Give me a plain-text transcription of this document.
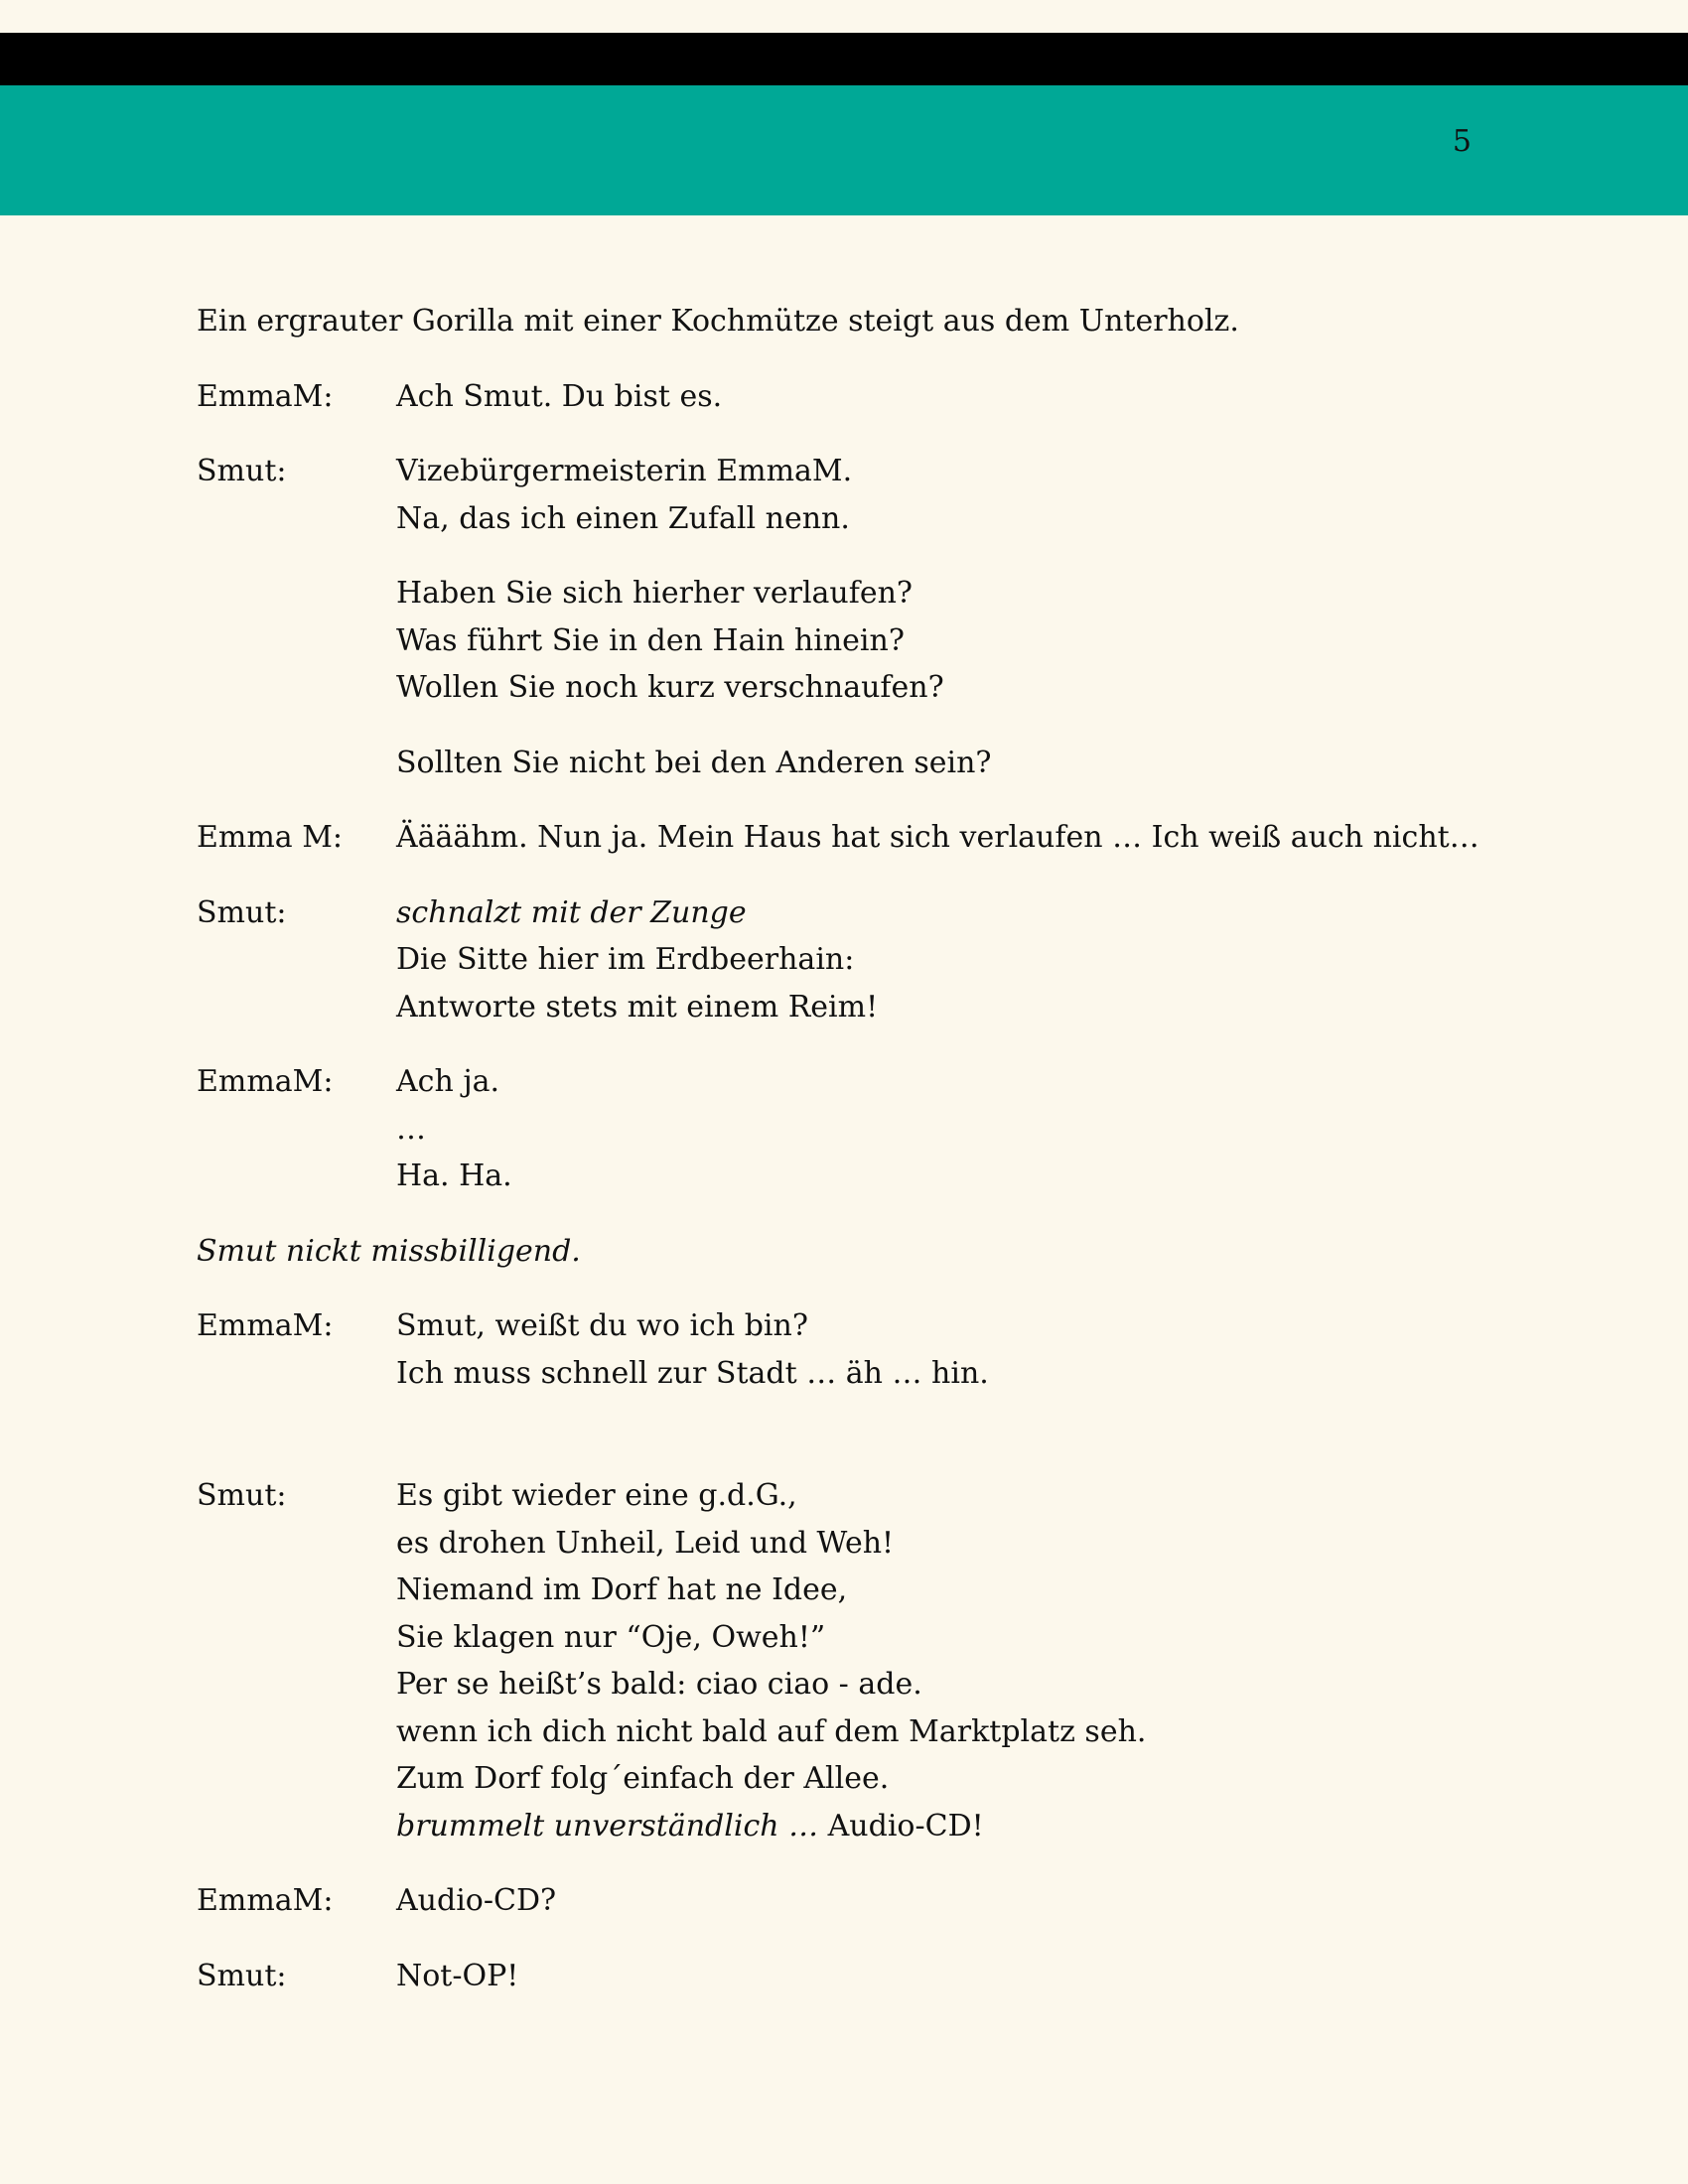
5

Ein ergrauter Gorilla mit einer Kochmütze steigt aus dem Unterholz.

EmmaM:	Ach Smut. Du bist es.
Smut:	Vizebürgermeisterin EmmaM.
Na, das ich einen Zufall nenn.
Haben Sie sich hierher verlaufen?
Was führt Sie in den Hain hinein?
Wollen Sie noch kurz verschnaufen?
Sollten Sie nicht bei den Anderen sein?
Emma M:	Äääähm. Nun ja. Mein Haus hat sich verlaufen … Ich weiß auch nicht…
Smut:	schnalzt mit der Zunge
Die Sitte hier im Erdbeerhain:
Antworte stets mit einem Reim!
EmmaM:	Ach ja.
…
Ha. Ha.

Smut nickt missbilligend.

EmmaM:	Smut, weißt du wo ich bin?
Ich muss schnell zur Stadt … äh … hin.
Smut:	Es gibt wieder eine g.d.G.,
es drohen Unheil, Leid und Weh!
Niemand im Dorf hat ne Idee,
Sie klagen nur “Oje, Oweh!”
Per se heißt’s bald: ciao ciao - ade.
wenn ich dich nicht bald auf dem Marktplatz seh.
Zum Dorf folg´einfach der Allee.
brummelt unverständlich … Audio-CD!
EmmaM:	Audio-CD?
Smut:	Not-OP!
